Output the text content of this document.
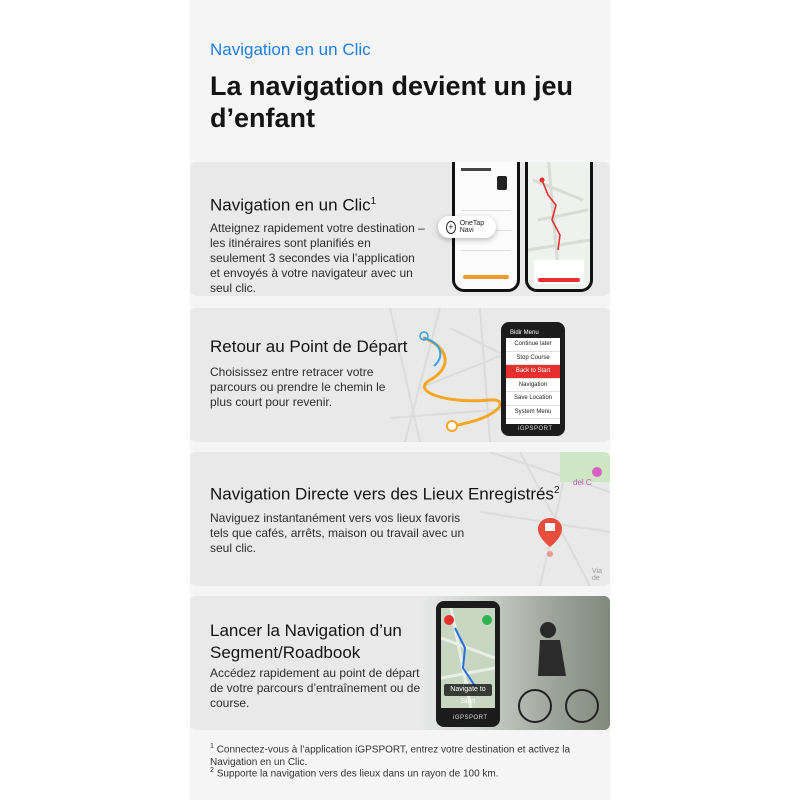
Navigation en un Clic
La navigation devient un jeu d’enfant
Navigation en un Clic$^1$
Atteignez rapidement votre destination – les itinéraires sont planifiés en seulement 3 secondes via l’application et envoyés à votre navigateur avec un seul clic.
+ OneTap Navi
Retour au Point de Départ
Choisissez entre retracer votre parcours ou prendre le chemin le plus court pour revenir.
Bidir Menu
Continue later
Stop Course
Back to Start
Navigation
Save Location
System Menu
iGPSPORT
del C
Via de
Navigation Directe vers des Lieux Enregistrés$^2$
Naviguez instantanément vers vos lieux favoris tels que cafés, arrêts, maison ou travail avec un seul clic.
Lancer la Navigation d’un Segment/Roadbook
Accédez rapidement au point de départ de votre parcours d’entraînement ou de course.
Navigate to Start
iGPSPORT
$^1$ Connectez-vous à l’application iGPSPORT, entrez votre destination et activez la Navigation en un Clic.
$^2$ Supporte la navigation vers des lieux dans un rayon de 100 km.
